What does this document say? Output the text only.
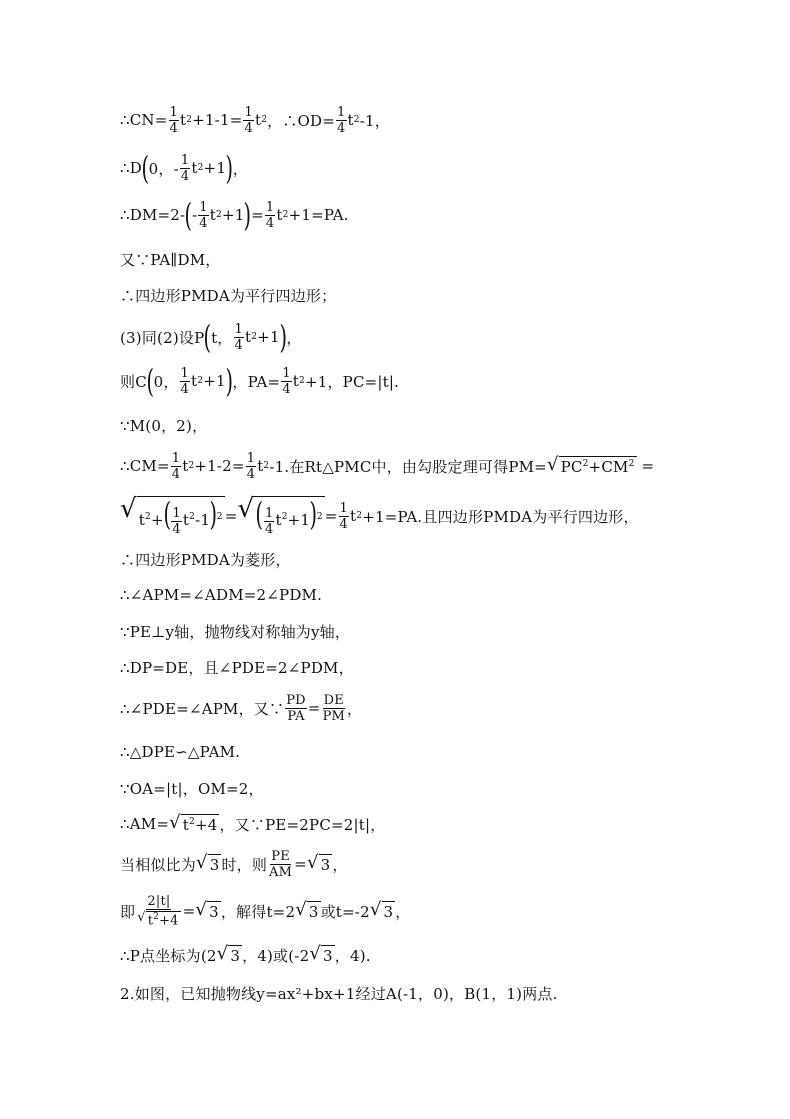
∴CN= $\frac{1}{4}$ t $2 +1-1= \frac{1}{4}$ t 2 ，∴OD= $\frac{1}{4}$ t 2 -1，
∴D ( 0，- $\frac{1}{4}$ t 2 +1 ) ，
∴DM=2- ( - $\frac{1}{4}$ t 2 +1 ) = $\frac{1}{4}$ t 2 +1=PA.
又∵PA∥DM，
∴四边形PMDA为平行四边形；
(3)同(2)设P ( t， $\frac{1}{4}$ t 2 +1 ) ，
则C ( 0， $\frac{1}{4}$ t 2 +1 ) ，$PA= \frac{1}{4}$ t 2 +1，PC=|t|.
∵M(0，2)，
∴CM= $\frac{1}{4}$ t $2 +1-2= \frac{1}{4}$ t 2 -1.在Rt△PMC中，由勾股定理可得PM= √ $PC^2+CM^2$ =
√ $t^2+( \frac{1}{4} t^2-1)^2$ = √ ( $\frac{1}{4} t^2+1)^2 = \frac{1}{4}$ t 2 +1=PA.且四边形PMDA为平行四边形，
∴四边形PMDA为菱形，
∴∠APM=∠ADM=2∠PDM.
∵PE⊥y轴，抛物线对称轴为y轴，
∴DP=DE，且∠PDE=2∠PDM，
∴∠PDE=∠APM，又∵ $\frac{PD}{PA} = \frac{DE}{PM}$ ，
∴△DPE∽△PAM.
∵OA=|t|，OM=2，
∴AM= √ $t^2+4$ ，又∵PE=2PC=2|t|，
当相似比为 √ 3 时，则 $\frac{PE}{AM}$ = √ 3 ，
即 $\frac{2|t|}{√ t^2+4}$ = √ 3 ，解得t=2 √ 3 或t=-2 √ 3 ，
∴P点坐标为(2 √ 3 ，4)或(-2 √ 3 ，4).
2.如图，已知抛物线y=ax²+bx+1经过A(-1，0)，B(1，1)两点.
